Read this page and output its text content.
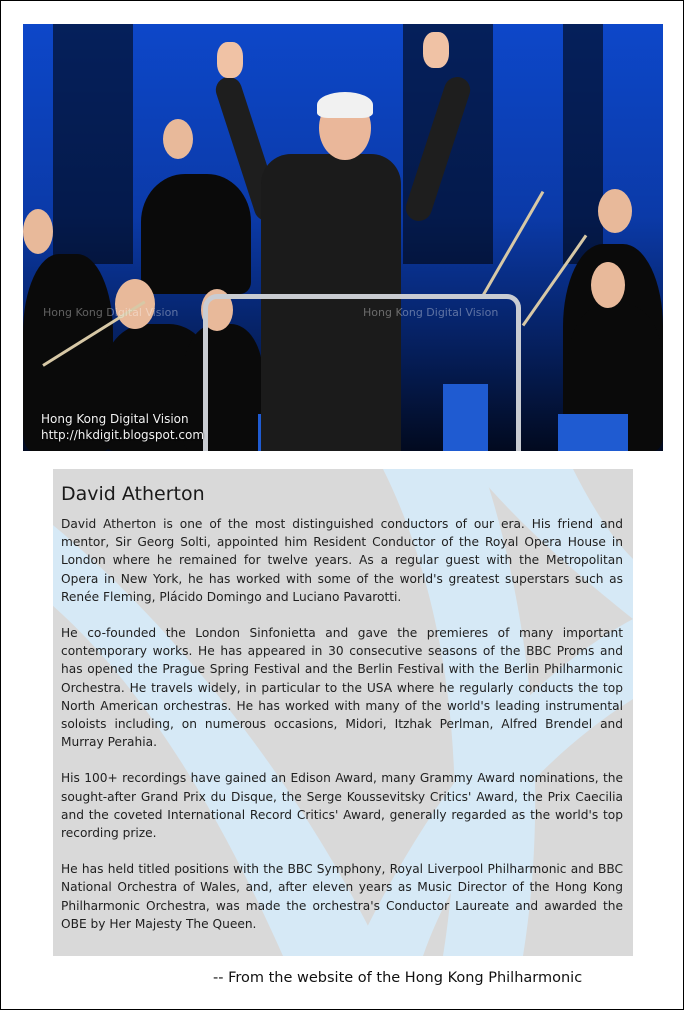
Hong Kong Digital Vision	Hong Kong Digital Vision
Hong Kong Digital Vision
http://hkdigit.blogspot.com
David Atherton

David Atherton is one of the most distinguished conductors of our era. His friend and mentor, Sir Georg Solti, appointed him Resident Conductor of the Royal Opera House in London where he remained for twelve years. As a regular guest with the Metropolitan Opera in New York, he has worked with some of the world's greatest superstars such as Renée Fleming, Plácido Domingo and Luciano Pavarotti.

He co-founded the London Sinfonietta and gave the premieres of many important contemporary works. He has appeared in 30 consecutive seasons of the BBC Proms and has opened the Prague Spring Festival and the Berlin Festival with the Berlin Philharmonic Orchestra. He travels widely, in particular to the USA where he regularly conducts the top North American orchestras. He has worked with many of the world's leading instrumental soloists including, on numerous occasions, Midori, Itzhak Perlman, Alfred Brendel and Murray Perahia.

His 100+ recordings have gained an Edison Award, many Grammy Award nominations, the sought-after Grand Prix du Disque, the Serge Koussevitsky Critics' Award, the Prix Caecilia and the coveted International Record Critics' Award, generally regarded as the world's top recording prize.

He has held titled positions with the BBC Symphony, Royal Liverpool Philharmonic and BBC National Orchestra of Wales, and, after eleven years as Music Director of the Hong Kong Philharmonic Orchestra, was made the orchestra's Conductor Laureate and awarded the OBE by Her Majesty The Queen.

-- From the website of the Hong Kong Philharmonic
